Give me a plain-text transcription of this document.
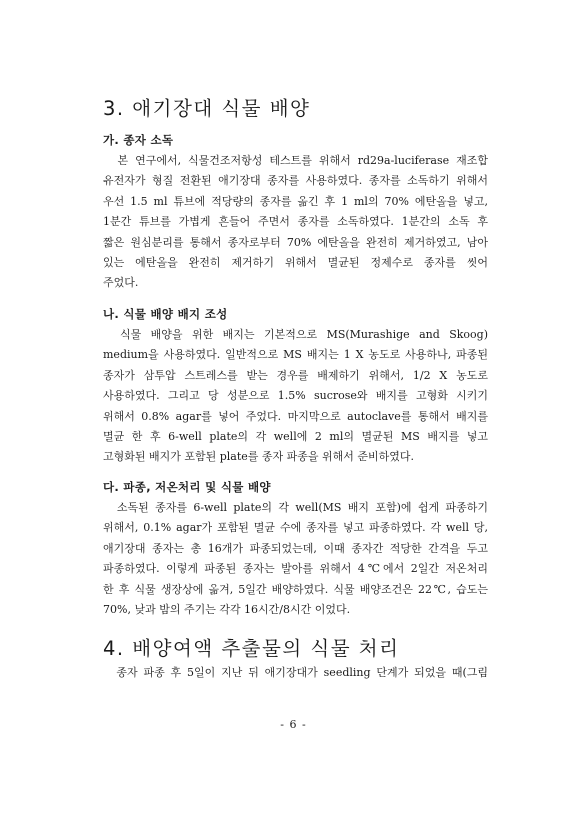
3. 애기장대 식물 배양
가. 종자 소독
　본 연구에서, 식물건조저항성 테스트를 위해서 rd29a-luciferase 재조합
유전자가 형질 전환된 애기장대 종자를 사용하였다. 종자를 소독하기 위해서
우선 1.5 ml 튜브에 적당량의 종자를 옮긴 후 1 ml의 70% 에탄올을 넣고,
1분간 튜브를 가볍게 흔들어 주면서 종자를 소독하였다. 1분간의 소독 후
짧은 원심분리를 통해서 종자로부터 70% 에탄올을 완전히 제거하였고, 남아
있는 에탄올을 완전히 제거하기 위해서 멸균된 정제수로 종자를 씻어
주었다.
나. 식물 배양 배지 조성
　식물 배양을 위한 배지는 기본적으로 MS(Murashige and Skoog)
medium을 사용하였다. 일반적으로 MS 배지는 1 X 농도로 사용하나, 파종된
종자가 삼투압 스트레스를 받는 경우를 배제하기 위해서, 1/2 X 농도로
사용하였다. 그리고 당 성분으로 1.5% sucrose와 배지를 고형화 시키기
위해서 0.8% agar를 넣어 주었다. 마지막으로 autoclave를 통해서 배지를
멸균 한 후 6-well plate의 각 well에 2 ml의 멸균된 MS 배지를 넣고
고형화된 배지가 포함된 plate를 종자 파종을 위해서 준비하였다.
다. 파종, 저온처리 및 식물 배양
　소독된 종자를 6-well plate의 각 well(MS 배지 포함)에 쉽게 파종하기
위해서, 0.1% agar가 포함된 멸균 수에 종자를 넣고 파종하였다. 각 well 당,
애기장대 종자는 총 16개가 파종되었는데, 이때 종자간 적당한 간격을 두고
파종하였다. 이렇게 파종된 종자는 발아를 위해서 4℃에서 2일간 저온처리
한 후 식물 생장상에 옮겨, 5일간 배양하였다. 식물 배양조건은 22℃, 습도는
70%, 낮과 밤의 주기는 각각 16시간/8시간 이었다.
4. 배양여액 추출물의 식물 처리
　종자 파종 후 5일이 지난 뒤 애기장대가 seedling 단계가 되었을 때(그림
- 6 -
